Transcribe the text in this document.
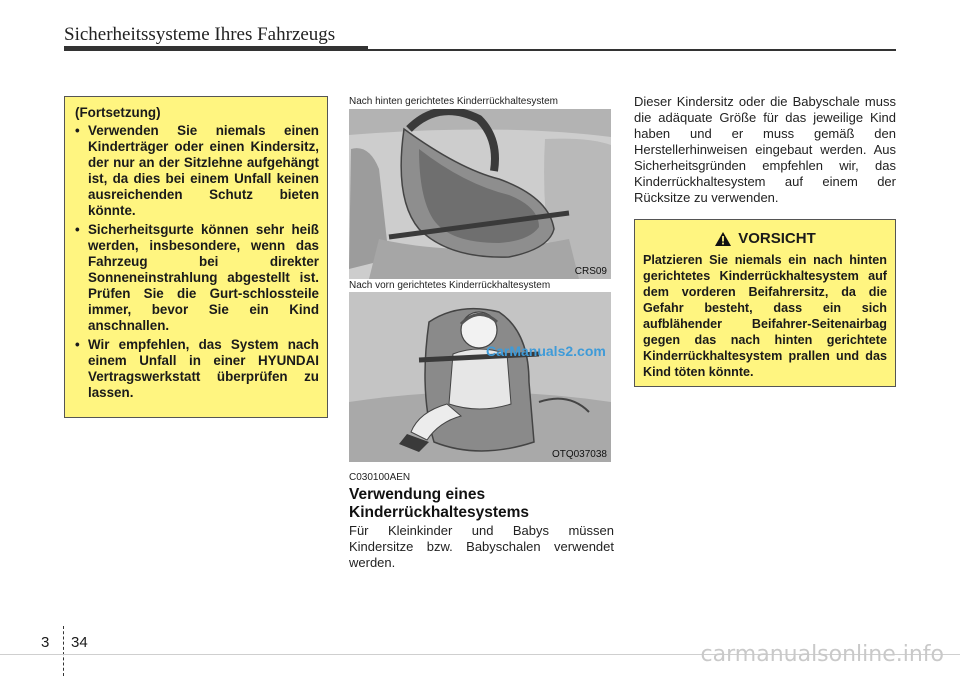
Sicherheitssysteme Ihres Fahrzeugs
(Fortsetzung)
• Verwenden Sie niemals einen Kinderträger oder einen Kindersitz, der nur an der Sitzlehne aufgehängt ist, da dies bei einem Unfall keinen ausreichenden Schutz bieten könnte.
• Sicherheitsgurte können sehr heiß werden, insbesondere, wenn das Fahrzeug bei direkter Sonneneinstrahlung abgestellt ist. Prüfen Sie die Gurt-schlossteile immer, bevor Sie ein Kind anschnallen.
• Wir empfehlen, das System nach einem Unfall in einer HYUNDAI Vertragswerkstatt überprüfen zu lassen.
Nach hinten gerichtetes Kinderrückhaltesystem
CRS09
Nach vorn gerichtetes Kinderrückhaltesystem
OTQ037038
CarManuals2.com
C030100AEN
Verwendung eines Kinderrückhaltesystems
Für Kleinkinder und Babys müssen Kindersitze bzw. Babyschalen verwendet werden.
Dieser Kindersitz oder die Babyschale muss die adäquate Größe für das jeweilige Kind haben und er muss gemäß den Herstellerhinweisen eingebaut werden. Aus Sicherheitsgründen empfehlen wir, das Kinderrückhaltesystem auf einem der Rücksitze zu verwenden.
VORSICHT
Platzieren Sie niemals ein nach hinten gerichtetes Kinderrückhaltesystem auf dem vorderen Beifahrersitz, da die Gefahr besteht, dass ein sich aufblähender Beifahrer-Seitenairbag gegen das nach hinten gerichtete Kinderrückhaltesystem prallen und das Kind töten könnte.
3 34	carmanualsonline.info
